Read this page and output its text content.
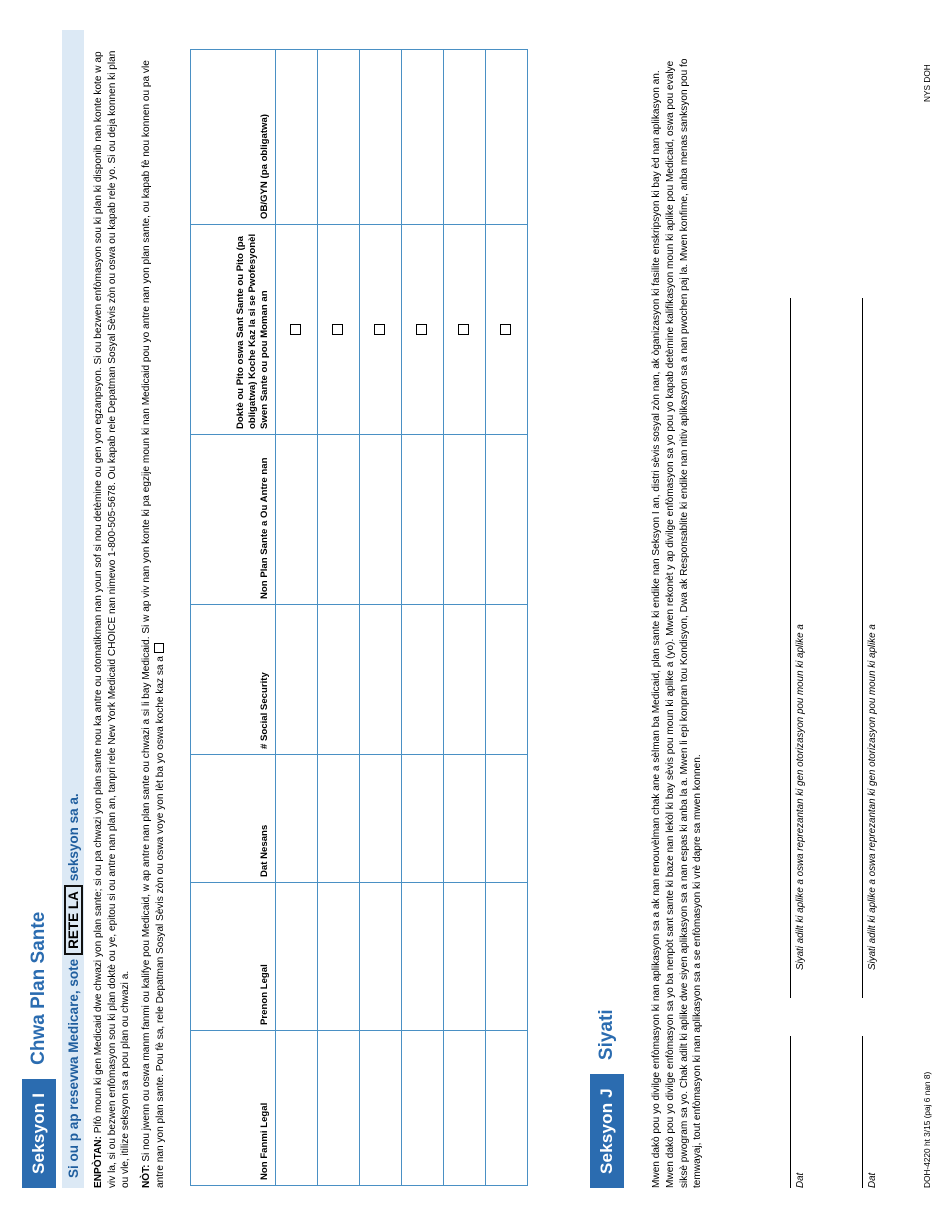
Seksyon I
Chwa Plan Sante	Si ou p ap resevwa Medicare, sote
RETE LA
seksyon sa a.
ENPÒTAN: Pifò moun ki gen Medicaid dwe chwazi yon plan sante; si ou pa chwazi yon plan sante nou ka antre ou otomatikman nan youn sof si nou detèmine ou gen yon egzanpsyon. Si ou bezwen enfòmasyon sou ki plan ki disponib nan konte kote w ap viv la, si ou bezwen enfòmasyon sou ki plan doktè ou ye, epitou si ou antre nan plan an, tanpri rele New York Medicaid CHOICE nan nimewo 1-800-505-5678. Ou kapab rele Depatman Sosyal Sèvis zòn ou oswa ou kapab rele yo. Si ou deja konnen ki plan ou vle, itilize seksyon sa a pou plan ou chwazi a. NÒT: Si nou jwenn ou oswa manm fanmi ou kalifye pou Medicaid, w ap antre nan plan sante ou chwazi a si li bay Medicaid. Si w ap viv nan yon konte ki pa egzije moun ki nan Medicaid pou yo antre nan yon plan sante, ou kapab fè nou konnen ou pa vle antre nan yon plan sante. Pou fè sa, rele Depatman Sosyal Sèvis zòn ou oswa voye yon lèt ba yo oswa koche kaz sa a	Non Fanmi Legal	Prenon Legal	Dat Nesans	# Social Security	Non Plan Sante a Ou Antre nan	Doktè ou Pito oswa Sant Sante ou Pito (pa obligatwa) Koche Kaz la si se Pwofesyonèl Swen Sante ou pou Moman an	OB/GYN (pa obligatwa)

Seksyon J
Siyati	Mwen dakò pou yo divilge enfòmasyon ki nan aplikasyon sa a ak nan renouvèlman chak ane a sèlman ba Medicaid, plan sante ki endike nan Seksyon I an, distri sèvis sosyal zòn nan, ak òganizasyon ki fasilite enskripsyon ki bay èd nan aplikasyon an. Mwen dakò pou yo divilge enfòmasyon sa yo ba nenpòt sant sante ki baze nan lekòl ki bay sèvis pou moun ki aplike a (yo). Mwen rekonèt y ap divilge enfòmasyon sa yo pou yo kapab detèmine kalifikasyon moun ki aplike pou Medicaid, oswa pou evalye siksè pwogram sa yo. Chak adilt ki aplike dwe siyen aplikasyon sa a nan espas ki anba la a. Mwen li epi konpran tou Kondisyon, Dwa ak Responsablite ki endike nan nitiv aplikasyon sa a nan pwochen paj la. Mwen konfime, anba menas sanksyon pou fo temwayaj, tout enfòmasyon ki nan aplikasyon sa a se enfòmasyon ki vrè dapre sa mwen konnen.	Dat
Siyati adilt ki aplike a oswa reprezantan ki gen otorizasyon pou moun ki aplike a
Dat
Siyati adilt ki aplike a oswa reprezantan ki gen otorizasyon pou moun ki aplike a
DOH-4220 ht 3/15 (paj 6 nan 8)
NYS DOH
